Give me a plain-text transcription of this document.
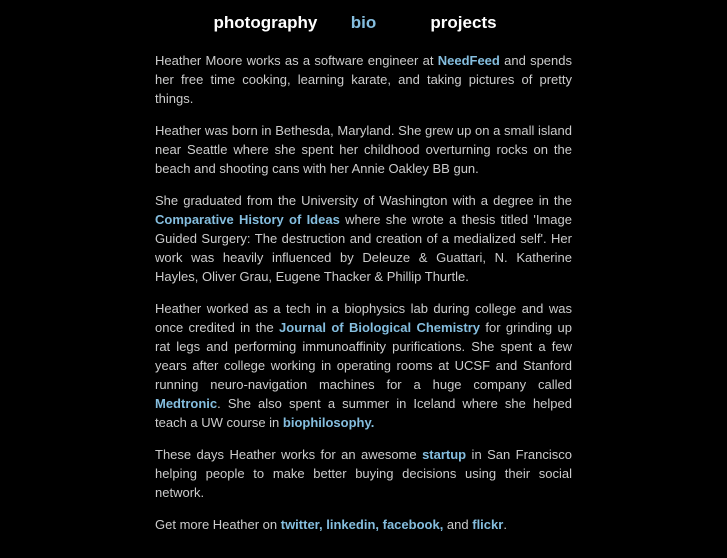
photography	bio	projects

Heather Moore works as a software engineer at NeedFeed and spends her free time cooking, learning karate, and taking pictures of pretty things.

Heather was born in Bethesda, Maryland. She grew up on a small island near Seattle where she spent her childhood overturning rocks on the beach and shooting cans with her Annie Oakley BB gun.

She graduated from the University of Washington with a degree in the Comparative History of Ideas where she wrote a thesis titled 'Image Guided Surgery: The destruction and creation of a medialized self'. Her work was heavily influenced by Deleuze & Guattari, N. Katherine Hayles, Oliver Grau, Eugene Thacker & Phillip Thurtle.

Heather worked as a tech in a biophysics lab during college and was once credited in the Journal of Biological Chemistry for grinding up rat legs and performing immunoaffinity purifications. She spent a few years after college working in operating rooms at UCSF and Stanford running neuro-navigation machines for a huge company called Medtronic. She also spent a summer in Iceland where she helped teach a UW course in biophilosophy.

These days Heather works for an awesome startup in San Francisco helping people to make better buying decisions using their social network.

Get more Heather on twitter, linkedin, facebook, and flickr.
